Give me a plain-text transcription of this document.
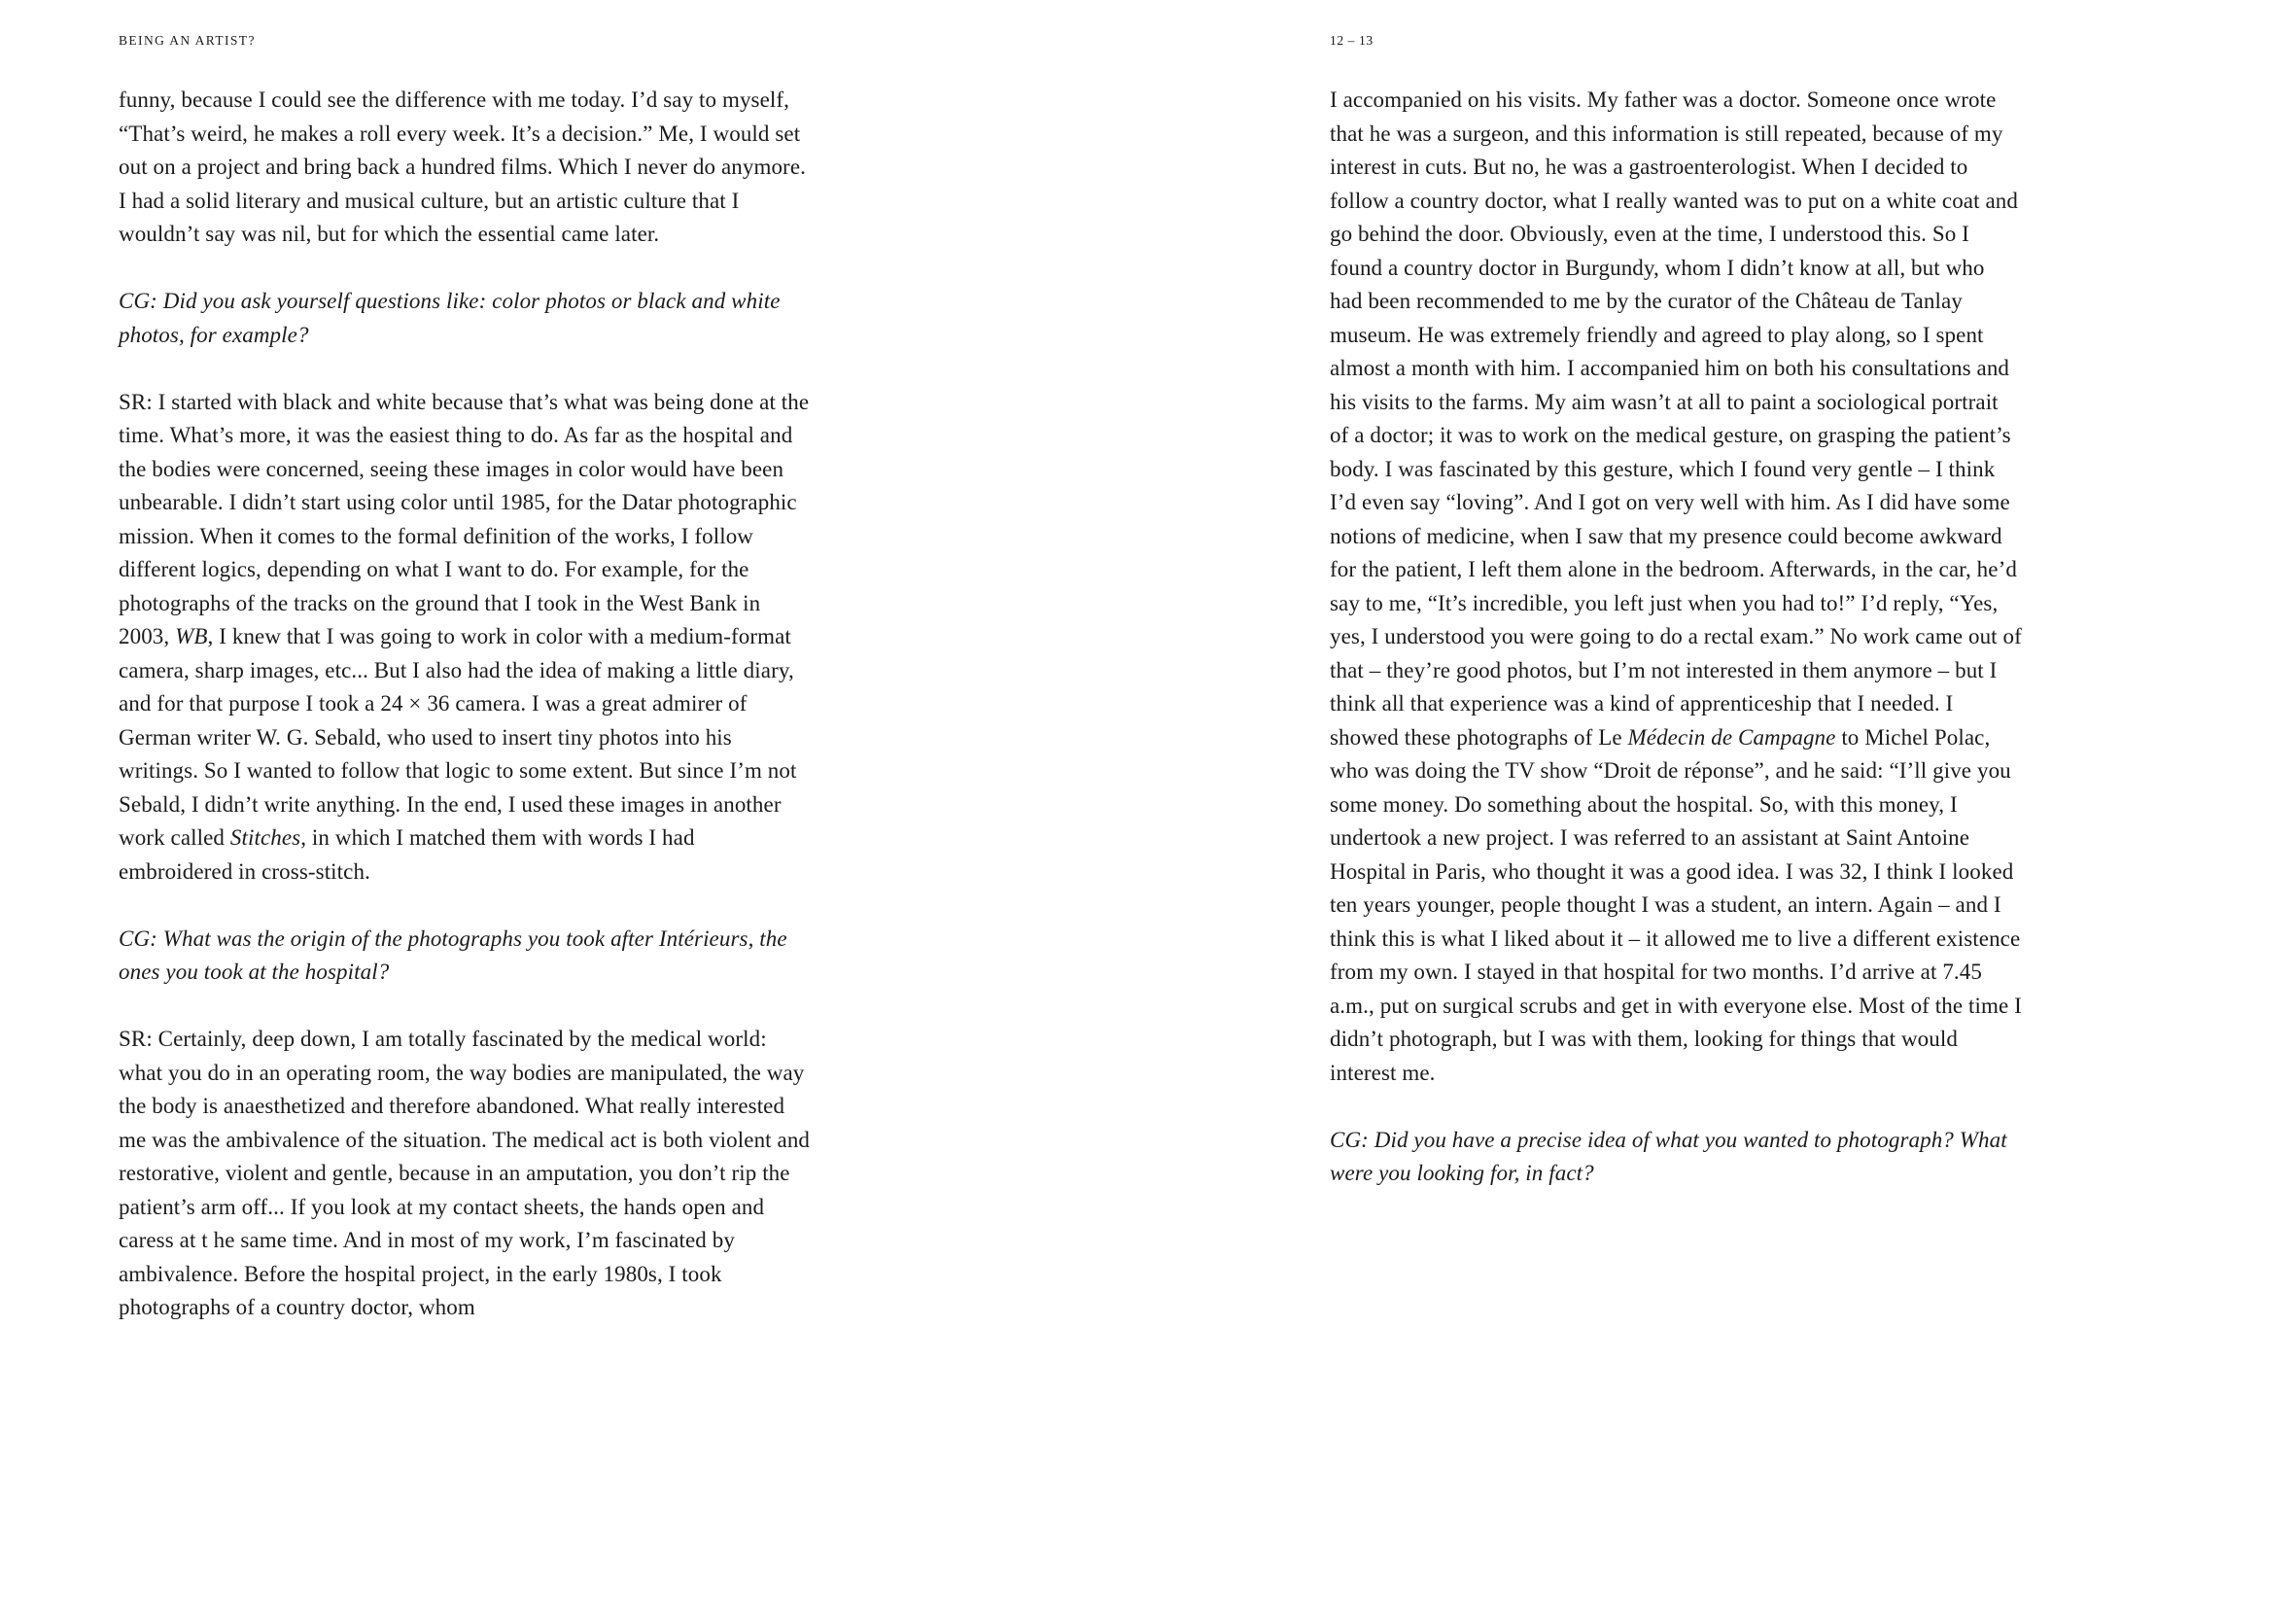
BEING AN ARTIST?

funny, because I could see the difference with me today. I’d say to myself, “That’s weird, he makes a roll every week. It’s a decision.” Me, I would set out on a project and bring back a hundred films. Which I never do anymore. I had a solid literary and musical culture, but an artistic culture that I wouldn’t say was nil, but for which the essential came later.

CG: Did you ask yourself questions like: color photos or black and white photos, for example?

SR: I started with black and white because that’s what was being done at the time. What’s more, it was the easiest thing to do. As far as the hospital and the bodies were concerned, seeing these images in color would have been unbearable. I didn’t start using color until 1985, for the Datar photographic mission. When it comes to the formal definition of the works, I follow different logics, depending on what I want to do. For example, for the photographs of the tracks on the ground that I took in the West Bank in 2003, WB, I knew that I was going to work in color with a medium-format camera, sharp images, etc... But I also had the idea of making a little diary, and for that purpose I took a 24 × 36 camera. I was a great admirer of German writer W. G. Sebald, who used to insert tiny photos into his writings. So I wanted to follow that logic to some extent. But since I’m not Sebald, I didn’t write anything. In the end, I used these images in another work called Stitches, in which I matched them with words I had embroidered in cross-stitch.

CG: What was the origin of the photographs you took after Intérieurs, the ones you took at the hospital?

SR: Certainly, deep down, I am totally fascinated by the medical world: what you do in an operating room, the way bodies are manipulated, the way the body is anaesthetized and therefore abandoned. What really interested me was the ambivalence of the situation. The medical act is both violent and restorative, violent and gentle, because in an amputation, you don’t rip the patient’s arm off... If you look at my contact sheets, the hands open and caress at t he same time. And in most of my work, I’m fascinated by ambivalence. Before the hospital project, in the early 1980s, I took photographs of a country doctor, whom

12 – 13

I accompanied on his visits. My father was a doctor. Someone once wrote that he was a surgeon, and this information is still repeated, because of my interest in cuts. But no, he was a gastroenterologist. When I decided to follow a country doctor, what I really wanted was to put on a white coat and go behind the door. Obviously, even at the time, I understood this. So I found a country doctor in Burgundy, whom I didn’t know at all, but who had been recommended to me by the curator of the Château de Tanlay museum. He was extremely friendly and agreed to play along, so I spent almost a month with him. I accompanied him on both his consultations and his visits to the farms. My aim wasn’t at all to paint a sociological portrait of a doctor; it was to work on the medical gesture, on grasping the patient’s body. I was fascinated by this gesture, which I found very gentle – I think I’d even say “loving”. And I got on very well with him. As I did have some notions of medicine, when I saw that my presence could become awkward for the patient, I left them alone in the bedroom. Afterwards, in the car, he’d say to me, “It’s incredible, you left just when you had to!” I’d reply, “Yes, yes, I understood you were going to do a rectal exam.” No work came out of that – they’re good photos, but I’m not interested in them anymore – but I think all that experience was a kind of apprenticeship that I needed. I showed these photographs of Le Médecin de Campagne to Michel Polac, who was doing the TV show “Droit de réponse”, and he said: “I’ll give you some money. Do something about the hospital. So, with this money, I undertook a new project. I was referred to an assistant at Saint Antoine Hospital in Paris, who thought it was a good idea. I was 32, I think I looked ten years younger, people thought I was a student, an intern. Again – and I think this is what I liked about it – it allowed me to live a different existence from my own. I stayed in that hospital for two months. I’d arrive at 7.45 a.m., put on surgical scrubs and get in with everyone else. Most of the time I didn’t photograph, but I was with them, looking for things that would interest me.

CG: Did you have a precise idea of what you wanted to photograph? What were you looking for, in fact?
